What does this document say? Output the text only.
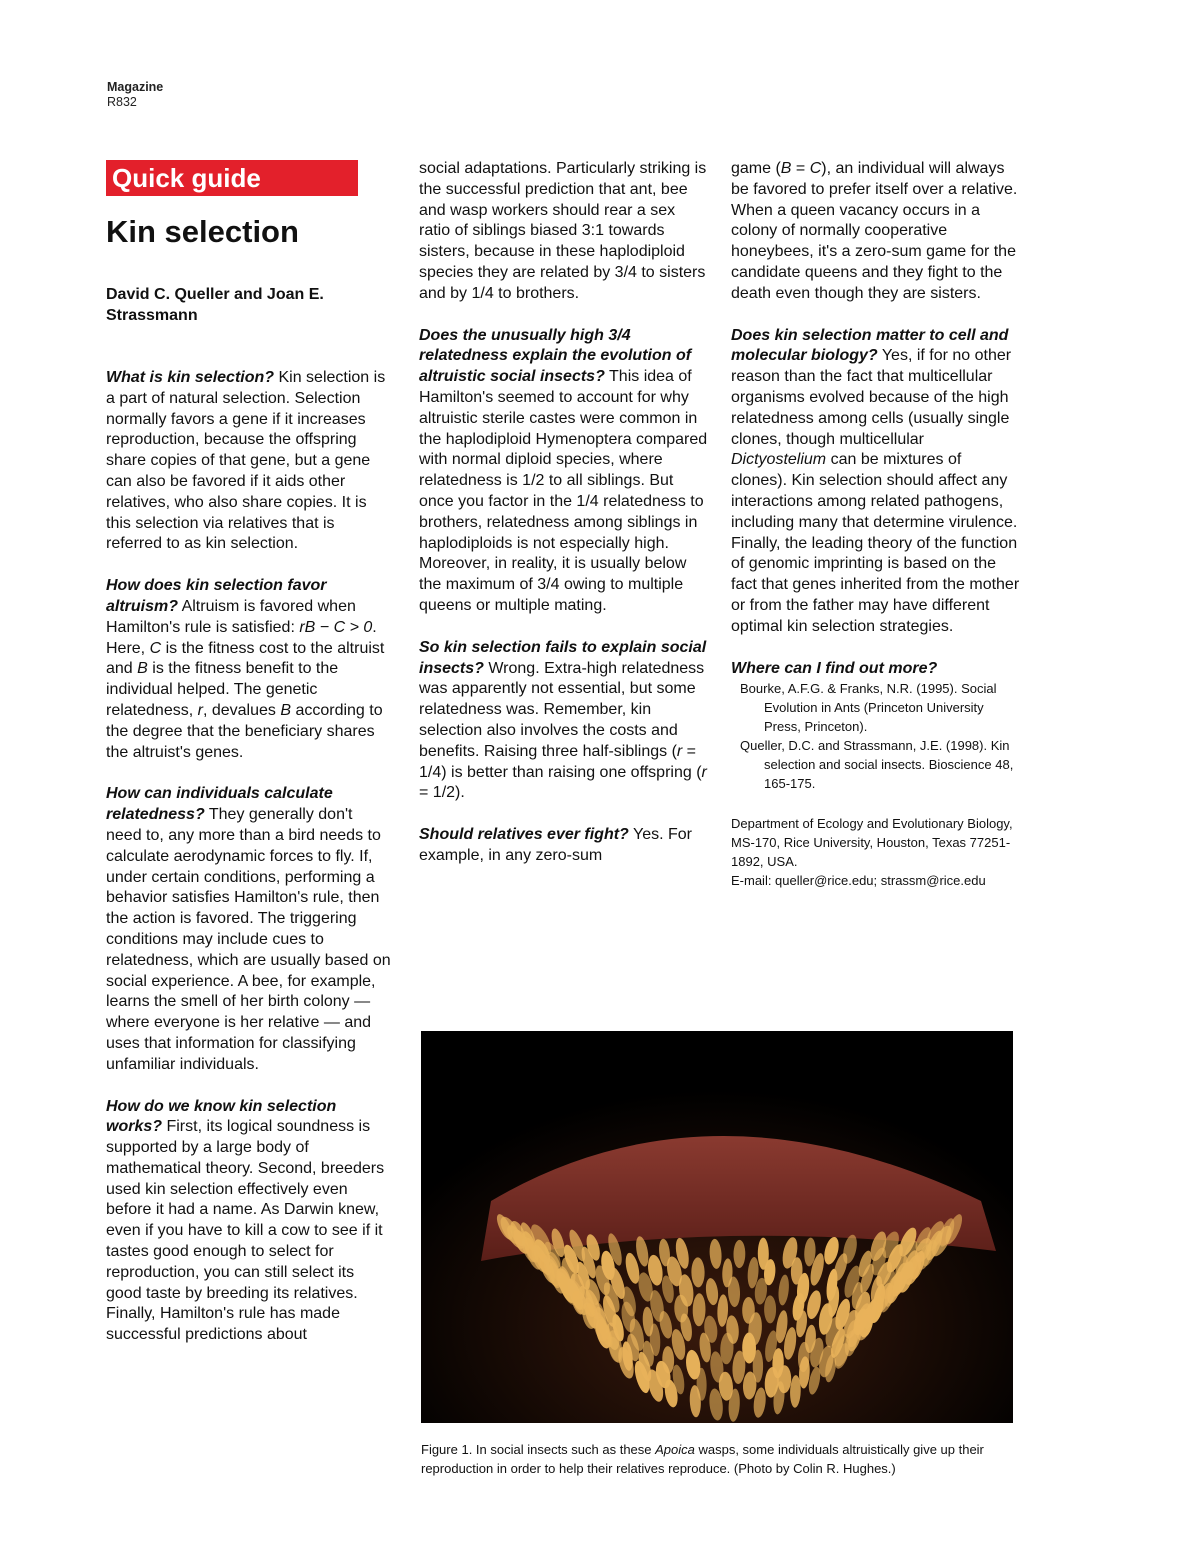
Magazine
R832
Quick guide
Kin selection
David C. Queller and Joan E. Strassmann

What is kin selection? Kin selection is a part of natural selection. Selection normally favors a gene if it increases reproduction, because the offspring share copies of that gene, but a gene can also be favored if it aids other relatives, who also share copies. It is this selection via relatives that is referred to as kin selection.

How does kin selection favor altruism? Altruism is favored when Hamilton's rule is satisfied: rB − C > 0. Here, C is the fitness cost to the altruist and B is the fitness benefit to the individual helped. The genetic relatedness, r, devalues B according to the degree that the beneficiary shares the altruist's genes.

How can individuals calculate relatedness? They generally don't need to, any more than a bird needs to calculate aerodynamic forces to fly. If, under certain conditions, performing a behavior satisfies Hamilton's rule, then the action is favored. The triggering conditions may include cues to relatedness, which are usually based on social experience. A bee, for example, learns the smell of her birth colony — where everyone is her relative — and uses that information for classifying unfamiliar individuals.

How do we know kin selection works? First, its logical soundness is supported by a large body of mathematical theory. Second, breeders used kin selection effectively even before it had a name. As Darwin knew, even if you have to kill a cow to see if it tastes good enough to select for reproduction, you can still select its good taste by breeding its relatives. Finally, Hamilton's rule has made successful predictions about

social adaptations. Particularly striking is the successful prediction that ant, bee and wasp workers should rear a sex ratio of siblings biased 3:1 towards sisters, because in these haplodiploid species they are related by 3/4 to sisters and by 1/4 to brothers.

Does the unusually high 3/4 relatedness explain the evolution of altruistic social insects? This idea of Hamilton's seemed to account for why altruistic sterile castes were common in the haplodiploid Hymenoptera compared with normal diploid species, where relatedness is 1/2 to all siblings. But once you factor in the 1/4 relatedness to brothers, relatedness among siblings in haplodiploids is not especially high. Moreover, in reality, it is usually below the maximum of 3/4 owing to multiple queens or multiple mating.

So kin selection fails to explain social insects? Wrong. Extra-high relatedness was apparently not essential, but some relatedness was. Remember, kin selection also involves the costs and benefits. Raising three half-siblings (r = 1/4) is better than raising one offspring (r = 1/2).

Should relatives ever fight? Yes. For example, in any zero-sum

game (B = C), an individual will always be favored to prefer itself over a relative. When a queen vacancy occurs in a colony of normally cooperative honeybees, it's a zero-sum game for the candidate queens and they fight to the death even though they are sisters.

Does kin selection matter to cell and molecular biology? Yes, if for no other reason than the fact that multicellular organisms evolved because of the high relatedness among cells (usually single clones, though multicellular Dictyostelium can be mixtures of clones). Kin selection should affect any interactions among related pathogens, including many that determine virulence. Finally, the leading theory of the function of genomic imprinting is based on the fact that genes inherited from the mother or from the father may have different optimal kin selection strategies.

Where can I find out more?

Bourke, A.F.G. & Franks, N.R. (1995). Social Evolution in Ants (Princeton University Press, Princeton).
Queller, D.C. and Strassmann, J.E. (1998). Kin selection and social insects. Bioscience 48, 165-175.
Department of Ecology and Evolutionary Biology, MS-170, Rice University, Houston, Texas 77251-1892, USA.
E-mail: queller@rice.edu; strassm@rice.edu
Figure 1. In social insects such as these Apoica wasps, some individuals altruistically give up their reproduction in order to help their relatives reproduce. (Photo by Colin R. Hughes.)
